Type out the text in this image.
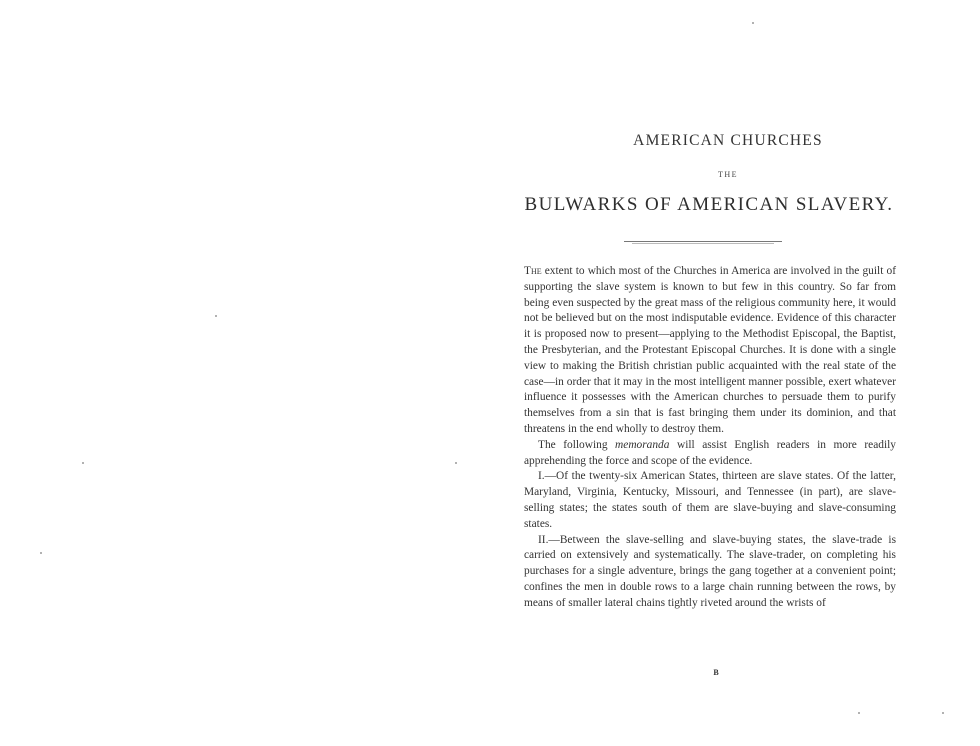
AMERICAN CHURCHES
THE
BULWARKS OF AMERICAN SLAVERY.

The extent to which most of the Churches in America are involved in the guilt of supporting the slave system is known to but few in this country. So far from being even suspected by the great mass of the religious community here, it would not be believed but on the most indisputable evidence. Evidence of this character it is proposed now to present—applying to the Methodist Episcopal, the Baptist, the Presbyterian, and the Protestant Episcopal Churches. It is done with a single view to making the British christian public acquainted with the real state of the case—in order that it may in the most intelligent manner possible, exert whatever influence it possesses with the American churches to persuade them to purify themselves from a sin that is fast bringing them under its dominion, and that threatens in the end wholly to destroy them.

The following memoranda will assist English readers in more readily apprehending the force and scope of the evidence.

I.—Of the twenty-six American States, thirteen are slave states. Of the latter, Maryland, Virginia, Kentucky, Missouri, and Tennessee (in part), are slave-selling states; the states south of them are slave-buying and slave-consuming states.

II.—Between the slave-selling and slave-buying states, the slave-trade is carried on extensively and systematically. The slave-trader, on completing his purchases for a single adventure, brings the gang together at a convenient point; confines the men in double rows to a large chain running between the rows, by means of smaller lateral chains tightly riveted around the wrists of

B
